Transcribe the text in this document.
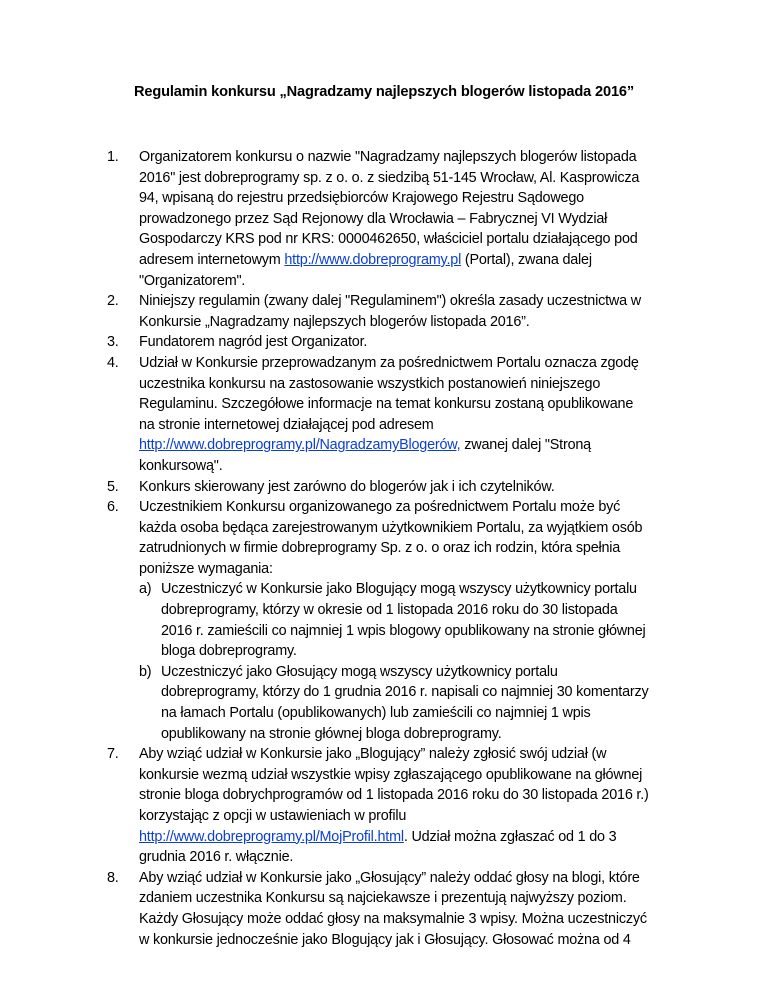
Regulamin konkursu „Nagradzamy najlepszych blogerów listopada 2016”
1. Organizatorem konkursu o nazwie "Nagradzamy najlepszych blogerów listopada 2016" jest dobreprogramy sp. z o. o. z siedzibą 51-145 Wrocław, Al. Kasprowicza 94, wpisaną do rejestru przedsiębiorców Krajowego Rejestru Sądowego prowadzonego przez Sąd Rejonowy dla Wrocławia – Fabrycznej VI Wydział Gospodarczy KRS pod nr KRS: 0000462650, właściciel portalu działającego pod adresem internetowym http://www.dobreprogramy.pl (Portal), zwana dalej "Organizatorem".
2. Niniejszy regulamin (zwany dalej "Regulaminem") określa zasady uczestnictwa w Konkursie „Nagradzamy najlepszych blogerów listopada 2016”.
3. Fundatorem nagród jest Organizator.
4. Udział w Konkursie przeprowadzanym za pośrednictwem Portalu oznacza zgodę uczestnika konkursu na zastosowanie wszystkich postanowień niniejszego Regulaminu. Szczegółowe informacje na temat konkursu zostaną opublikowane na stronie internetowej działającej pod adresem http://www.dobreprogramy.pl/NagradzamyBlogerów, zwanej dalej "Stroną konkursową".
5. Konkurs skierowany jest zarówno do blogerów jak i ich czytelników.
6. Uczestnikiem Konkursu organizowanego za pośrednictwem Portalu może być każda osoba będąca zarejestrowanym użytkownikiem Portalu, za wyjątkiem osób zatrudnionych w firmie dobreprogramy Sp. z o. o oraz ich rodzin, która spełnia poniższe wymagania:
a) Uczestniczyć w Konkursie jako Blogujący mogą wszyscy użytkownicy portalu dobreprogramy, którzy w okresie od 1 listopada 2016 roku do 30 listopada 2016 r. zamieścili co najmniej 1 wpis blogowy opublikowany na stronie głównej bloga dobreprogramy.
b) Uczestniczyć jako Głosujący mogą wszyscy użytkownicy portalu dobreprogramy, którzy do 1 grudnia 2016 r. napisali co najmniej 30 komentarzy na łamach Portalu (opublikowanych) lub zamieścili co najmniej 1 wpis opublikowany na stronie głównej bloga dobreprogramy.
7. Aby wziąć udział w Konkursie jako „Blogujący” należy zgłosić swój udział (w konkursie wezmą udział wszystkie wpisy zgłaszającego opublikowane na głównej stronie bloga dobrychprogramów od 1 listopada 2016 roku do 30 listopada 2016 r.) korzystając z opcji w ustawieniach w profilu http://www.dobreprogramy.pl/MojProfil.html. Udział można zgłaszać od 1 do 3 grudnia 2016 r. włącznie.
8. Aby wziąć udział w Konkursie jako „Głosujący” należy oddać głosy na blogi, które zdaniem uczestnika Konkursu są najciekawsze i prezentują najwyższy poziom. Każdy Głosujący może oddać głosy na maksymalnie 3 wpisy. Można uczestniczyć w konkursie jednocześnie jako Blogujący jak i Głosujący. Głosować można od 4
